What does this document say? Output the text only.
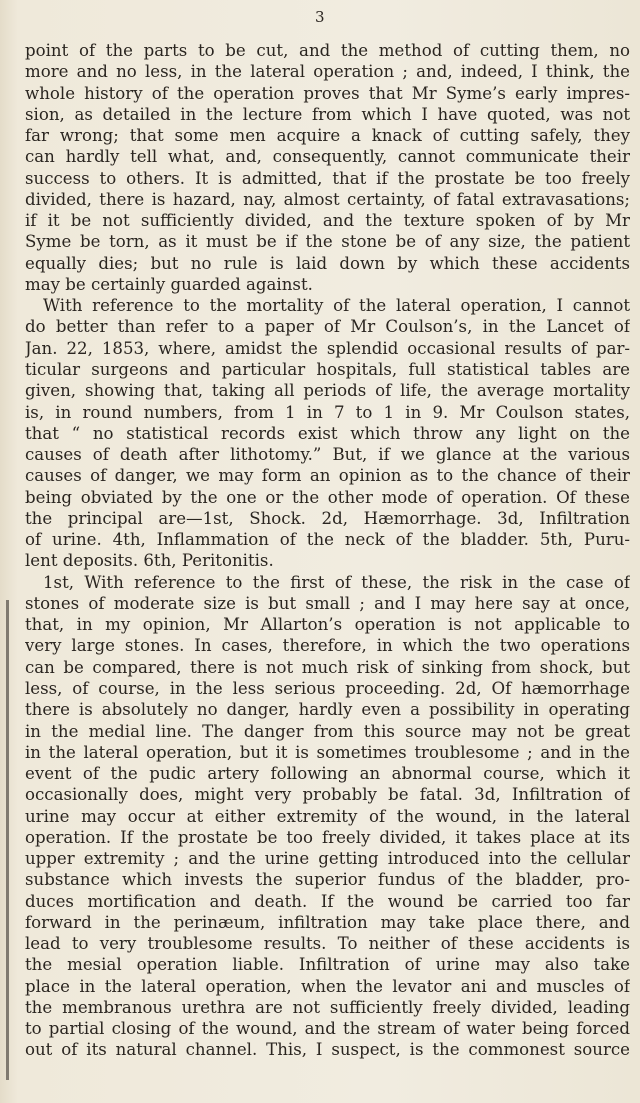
3
point of the parts to be cut, and the method of cutting them, no
more and no less, in the lateral operation ; and, indeed, I think, the
whole history of the operation proves that Mr Syme’s early impres-
sion, as detailed in the lecture from which I have quoted, was not
far wrong; that some men acquire a knack of cutting safely, they
can hardly tell what, and, consequently, cannot communicate their
success to others. It is admitted, that if the prostate be too freely
divided, there is hazard, nay, almost certainty, of fatal extravasations;
if it be not sufficiently divided, and the texture spoken of by Mr
Syme be torn, as it must be if the stone be of any size, the patient
equally dies; but no rule is laid down by which these accidents
may be certainly guarded against.
With reference to the mortality of the lateral operation, I cannot
do better than refer to a paper of Mr Coulson’s, in the Lancet of
Jan. 22, 1853, where, amidst the splendid occasional results of par-
ticular surgeons and particular hospitals, full statistical tables are
given, showing that, taking all periods of life, the average mortality
is, in round numbers, from 1 in 7 to 1 in 9. Mr Coulson states,
that “ no statistical records exist which throw any light on the
causes of death after lithotomy.” But, if we glance at the various
causes of danger, we may form an opinion as to the chance of their
being obviated by the one or the other mode of operation. Of these
the principal are—1st, Shock. 2d, Hæmorrhage. 3d, Infiltration
of urine. 4th, Inflammation of the neck of the bladder. 5th, Puru-
lent deposits. 6th, Peritonitis.
1st, With reference to the first of these, the risk in the case of
stones of moderate size is but small ; and I may here say at once,
that, in my opinion, Mr Allarton’s operation is not applicable to
very large stones. In cases, therefore, in which the two operations
can be compared, there is not much risk of sinking from shock, but
less, of course, in the less serious proceeding. 2d, Of hæmorrhage
there is absolutely no danger, hardly even a possibility in operating
in the medial line. The danger from this source may not be great
in the lateral operation, but it is sometimes troublesome ; and in the
event of the pudic artery following an abnormal course, which it
occasionally does, might very probably be fatal. 3d, Infiltration of
urine may occur at either extremity of the wound, in the lateral
operation. If the prostate be too freely divided, it takes place at its
upper extremity ; and the urine getting introduced into the cellular
substance which invests the superior fundus of the bladder, pro-
duces mortification and death. If the wound be carried too far
forward in the perinæum, infiltration may take place there, and
lead to very troublesome results. To neither of these accidents is
the mesial operation liable. Infiltration of urine may also take
place in the lateral operation, when the levator ani and muscles of
the membranous urethra are not sufficiently freely divided, leading
to partial closing of the wound, and the stream of water being forced
out of its natural channel. This, I suspect, is the commonest source
